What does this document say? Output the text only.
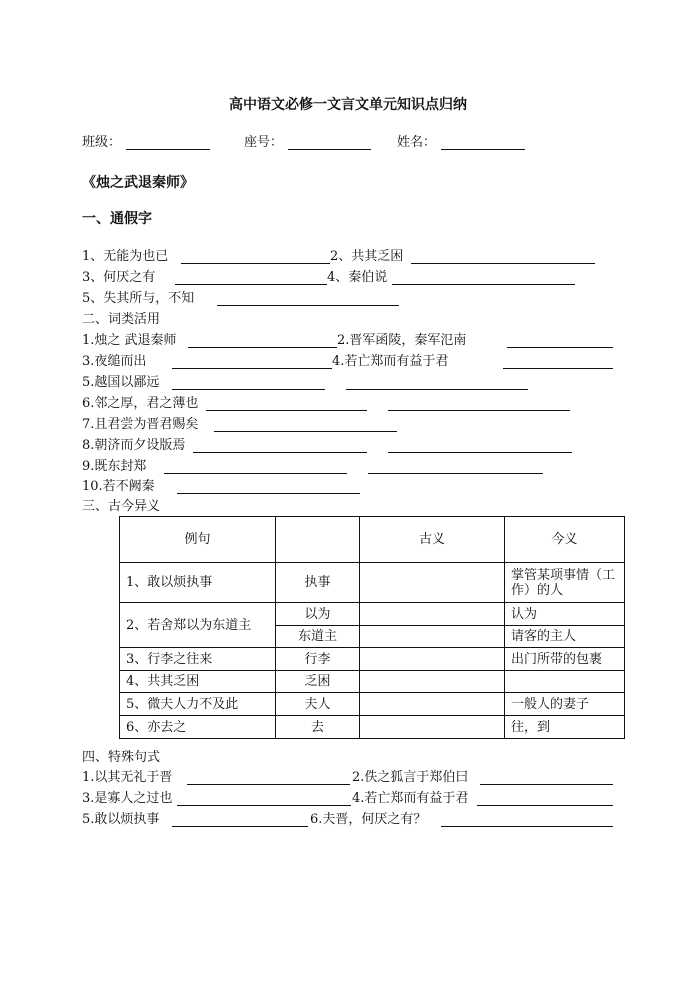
高中语文必修一文言文单元知识点归纳
班级：	座号：	姓名：
《烛之武退秦师》
一、通假字
1、无能为也已	2、共其乏困
3、何厌之有	4、秦伯说
5、失其所与，不知
二、词类活用
1.烛之 武退秦师	2.晋军函陵，秦军氾南
3.夜缒而出	4.若亡郑而有益于君
5.越国以鄙远
6.邻之厚，君之薄也
7.且君尝为晋君赐矣
8.朝济而夕设版焉
9.既东封郑
10.若不阙秦
三、古今异义
例句		古义	今义
1、敢以烦执事	执事		掌管某项事情（工作）的人
2、若舍郑以为东道主	以为		认为
	东道主		请客的主人
3、行李之往来	行李		出门所带的包裹
4、共其乏困	乏困		
5、微夫人力不及此	夫人		一般人的妻子
6、亦去之	去		往，到
四、特殊句式
1.以其无礼于晋	2.佚之狐言于郑伯曰
3.是寡人之过也	4.若亡郑而有益于君
5.敢以烦执事	6.夫晋，何厌之有？
